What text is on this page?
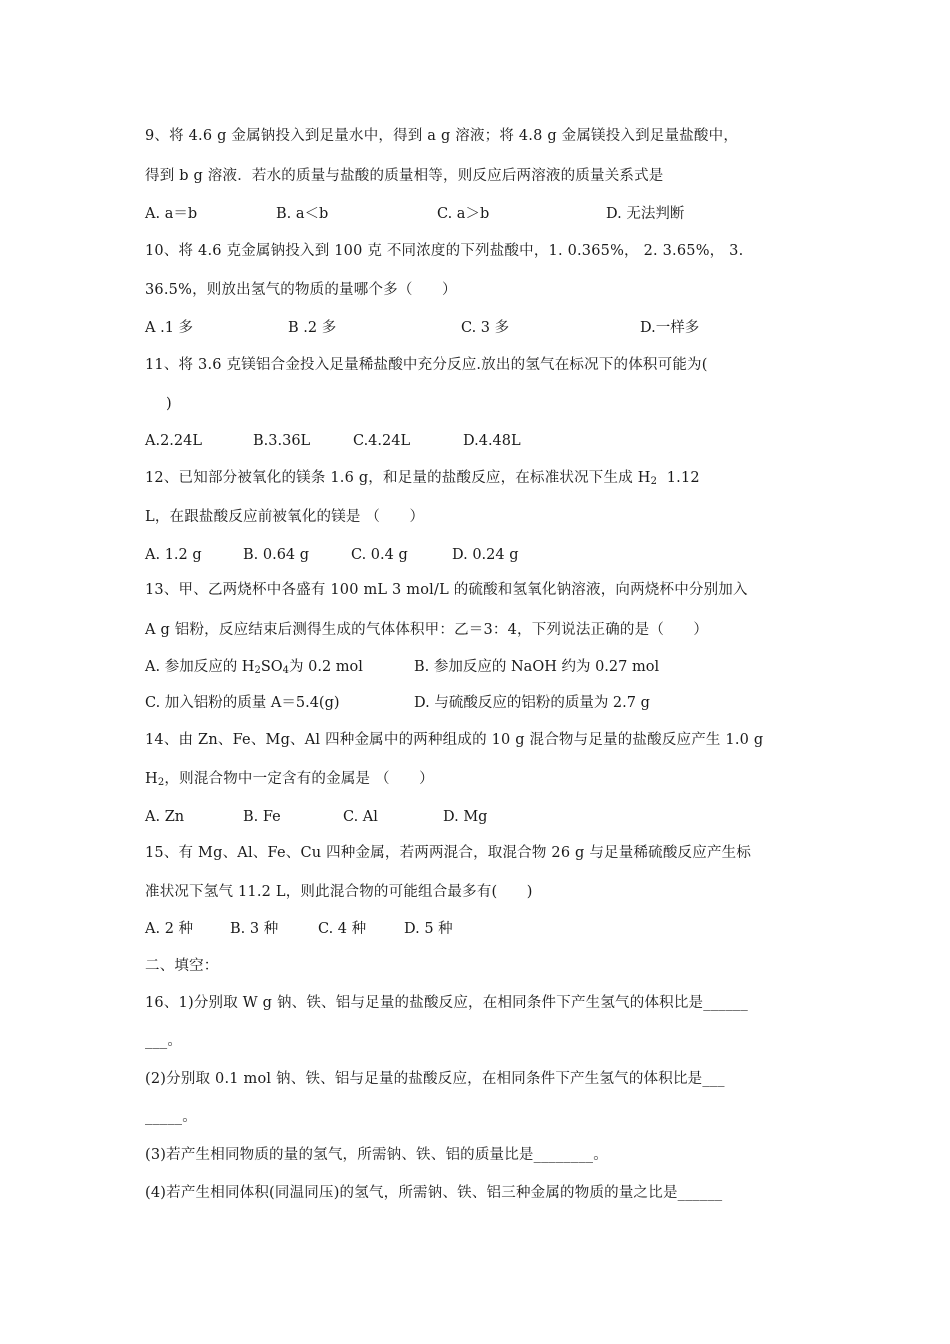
9、将 4.6 g 金属钠投入到足量水中，得到 a g 溶液；将 4.8 g 金属镁投入到足量盐酸中，
得到 b g 溶液．若水的质量与盐酸的质量相等，则反应后两溶液的质量关系式是
A. a＝b	B. a＜b	C. a＞b	D. 无法判断
10、将 4.6 克金属钠投入到 100 克 不同浓度的下列盐酸中，1. 0.365%， 2. 3.65%， 3.
36.5%，则放出氢气的物质的量哪个多（　　）
A .1 多	B .2 多	C. 3 多	D.一样多
11、将 3.6 克镁铝合金投入足量稀盐酸中充分反应.放出的氢气在标况下的体积可能为(
)
A.2.24L	B.3.36L	C.4.24L	D.4.48L
12、已知部分被氧化的镁条 1.6 g，和足量的盐酸反应，在标准状况下生成 $H_2$  1.12
L，在跟盐酸反应前被氧化的镁是 （　　）
A. 1.2 g	B. 0.64 g	C. 0.4 g	D. 0.24 g
13、甲、乙两烧杯中各盛有 100 mL 3 mol/L 的硫酸和氢氧化钠溶液，向两烧杯中分别加入
A g 铝粉，反应结束后测得生成的气体体积甲：乙＝3：4，下列说法正确的是（　　）
A. 参加反应的 $H_2SO_4$为 0.2 mol	B. 参加反应的 NaOH 约为 0.27 mol
C. 加入铝粉的质量 A＝5.4(g)	D. 与硫酸反应的铝粉的质量为 2.7 g
14、由 Zn、Fe、Mg、Al 四种金属中的两种组成的 10 g 混合物与足量的盐酸反应产生 1.0 g
$H_2$，则混合物中一定含有的金属是 （　　）
A. Zn	B. Fe	C. Al	D. Mg
15、有 Mg、Al、Fe、Cu 四种金属，若两两混合，取混合物 26 g 与足量稀硫酸反应产生标
准状况下氢气 11.2 L，则此混合物的可能组合最多有(　　)
A. 2 种	B. 3 种	C. 4 种	D. 5 种
二、填空：
16、1)分别取 W g 钠、铁、铝与足量的盐酸反应，在相同条件下产生氢气的体积比是______
___。
(2)分别取 0.1 mol 钠、铁、铝与足量的盐酸反应，在相同条件下产生氢气的体积比是___
_____。
(3)若产生相同物质的量的氢气，所需钠、铁、铝的质量比是________。
(4)若产生相同体积(同温同压)的氢气，所需钠、铁、铝三种金属的物质的量之比是______
